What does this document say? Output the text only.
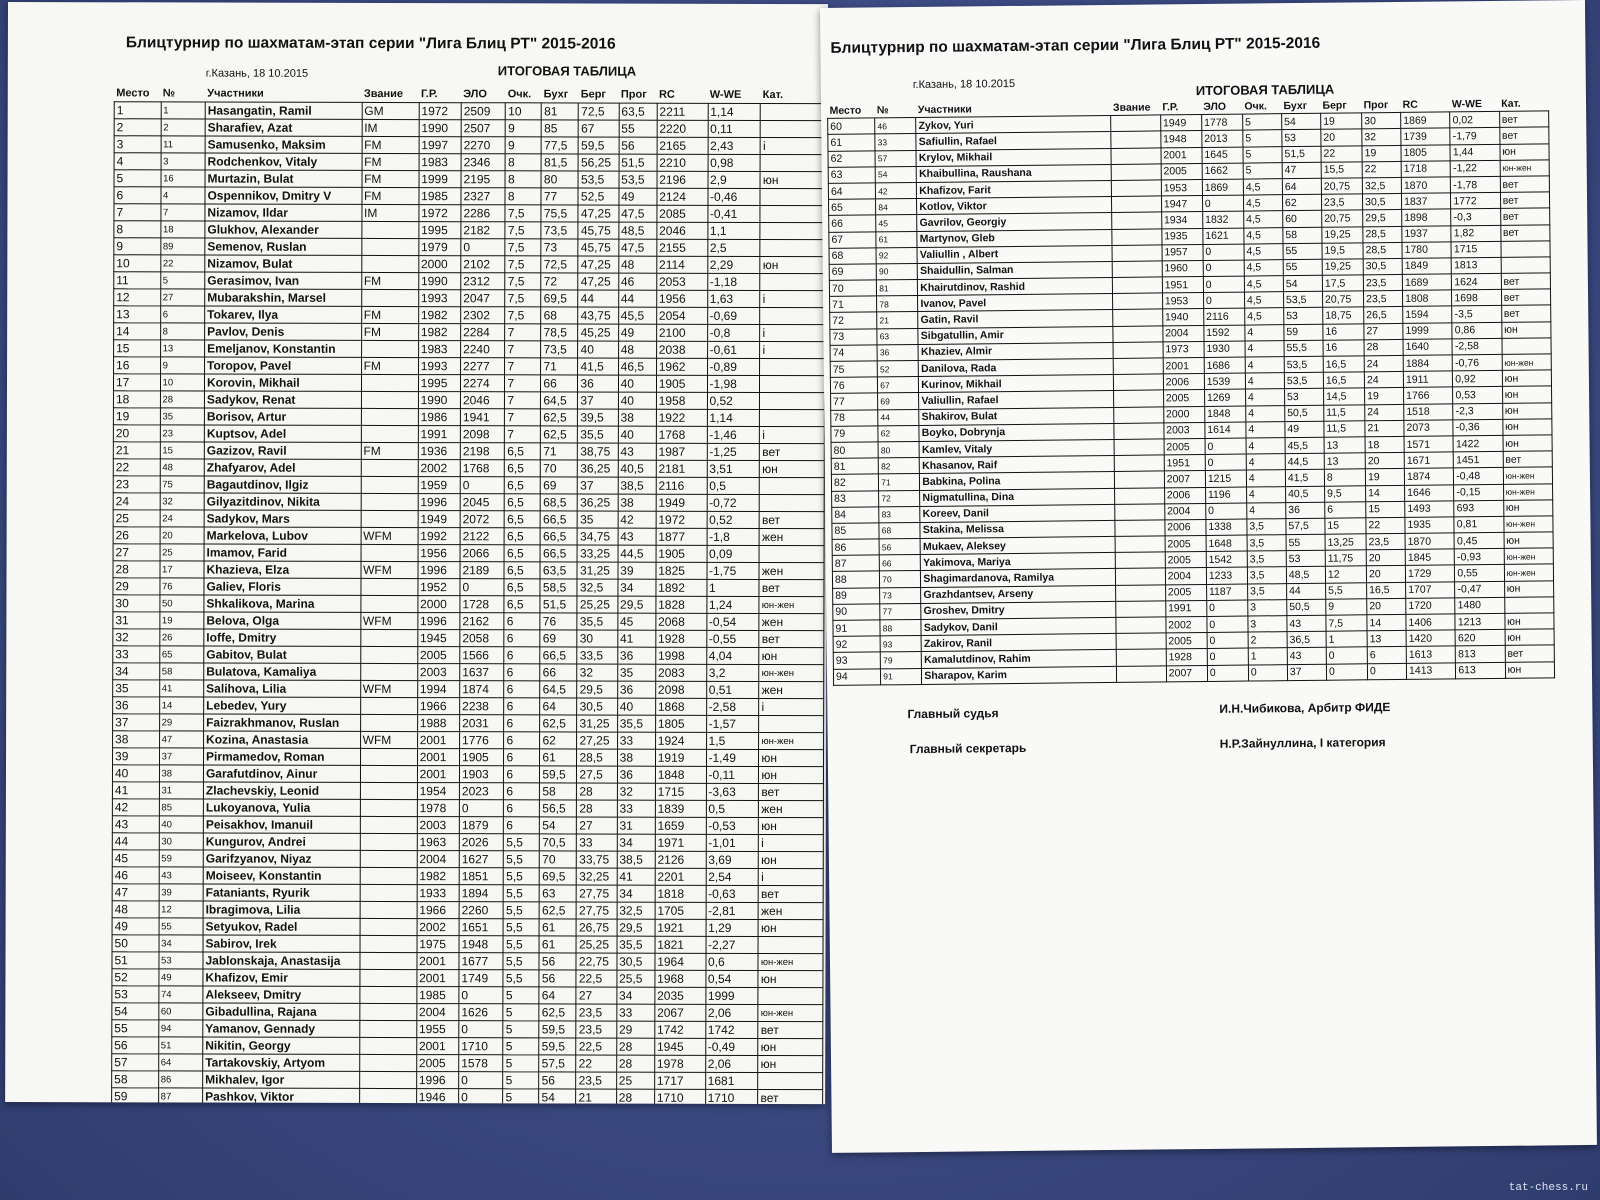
Блицтурнир по шахматам-этап серии "Лига Блиц РТ" 2015-2016
г.Казань, 18 10.2015	ИТОГОВАЯ ТАБЛИЦА
Место	№	Участники	Звание	Г.Р.	ЭЛО	Очк.	Бухг	Берг	Прог	RC	W-WE	Кат.
1	1	Hasangatin, Ramil	GM	1972	2509	10	81	72,5	63,5	2211	1,14	
2	2	Sharafiev, Azat	IM	1990	2507	9	85	67	55	2220	0,11	
3	11	Samusenko, Maksim	FM	1997	2270	9	77,5	59,5	56	2165	2,43	i
4	3	Rodchenkov, Vitaly	FM	1983	2346	8	81,5	56,25	51,5	2210	0,98	
5	16	Murtazin, Bulat	FM	1999	2195	8	80	53,5	53,5	2196	2,9	юн
6	4	Ospennikov, Dmitry V	FM	1985	2327	8	77	52,5	49	2124	-0,46	
7	7	Nizamov, Ildar	IM	1972	2286	7,5	75,5	47,25	47,5	2085	-0,41	
8	18	Glukhov, Alexander		1995	2182	7,5	73,5	45,75	48,5	2046	1,1	
9	89	Semenov, Ruslan		1979	0	7,5	73	45,75	47,5	2155	2,5	
10	22	Nizamov, Bulat		2000	2102	7,5	72,5	47,25	48	2114	2,29	юн
11	5	Gerasimov, Ivan	FM	1990	2312	7,5	72	47,25	46	2053	-1,18	
12	27	Mubarakshin, Marsel		1993	2047	7,5	69,5	44	44	1956	1,63	i
13	6	Tokarev, Ilya	FM	1982	2302	7,5	68	43,75	45,5	2054	-0,69	
14	8	Pavlov, Denis	FM	1982	2284	7	78,5	45,25	49	2100	-0,8	i
15	13	Emeljanov, Konstantin		1983	2240	7	73,5	40	48	2038	-0,61	i
16	9	Toropov, Pavel	FM	1993	2277	7	71	41,5	46,5	1962	-0,89	
17	10	Korovin, Mikhail		1995	2274	7	66	36	40	1905	-1,98	
18	28	Sadykov, Renat		1990	2046	7	64,5	37	40	1958	0,52	
19	35	Borisov, Artur		1986	1941	7	62,5	39,5	38	1922	1,14	
20	23	Kuptsov, Adel		1991	2098	7	62,5	35,5	40	1768	-1,46	i
21	15	Gazizov, Ravil	FM	1936	2198	6,5	71	38,75	43	1987	-1,25	вет
22	48	Zhafyarov, Adel		2002	1768	6,5	70	36,25	40,5	2181	3,51	юн
23	75	Bagautdinov, Ilgiz		1959	0	6,5	69	37	38,5	2116	0,5	
24	32	Gilyazitdinov, Nikita		1996	2045	6,5	68,5	36,25	38	1949	-0,72	
25	24	Sadykov, Mars		1949	2072	6,5	66,5	35	42	1972	0,52	вет
26	20	Markelova, Lubov	WFM	1992	2122	6,5	66,5	34,75	43	1877	-1,8	жен
27	25	Imamov, Farid		1956	2066	6,5	66,5	33,25	44,5	1905	0,09	
28	17	Khazieva, Elza	WFM	1996	2189	6,5	63,5	31,25	39	1825	-1,75	жен
29	76	Galiev, Floris		1952	0	6,5	58,5	32,5	34	1892	1	вет
30	50	Shkalikova, Marina		2000	1728	6,5	51,5	25,25	29,5	1828	1,24	юн-жен
31	19	Belova, Olga	WFM	1996	2162	6	76	35,5	45	2068	-0,54	жен
32	26	Ioffe, Dmitry		1945	2058	6	69	30	41	1928	-0,55	вет
33	65	Gabitov, Bulat		2005	1566	6	66,5	33,5	36	1998	4,04	юн
34	58	Bulatova, Kamaliya		2003	1637	6	66	32	35	2083	3,2	юн-жен
35	41	Salihova, Lilia	WFM	1994	1874	6	64,5	29,5	36	2098	0,51	жен
36	14	Lebedev, Yury		1966	2238	6	64	30,5	40	1868	-2,58	i
37	29	Faizrakhmanov, Ruslan		1988	2031	6	62,5	31,25	35,5	1805	-1,57	
38	47	Kozina, Anastasia	WFM	2001	1776	6	62	27,25	33	1924	1,5	юн-жен
39	37	Pirmamedov, Roman		2001	1905	6	61	28,5	38	1919	-1,49	юн
40	38	Garafutdinov, Ainur		2001	1903	6	59,5	27,5	36	1848	-0,11	юн
41	31	Zlachevskiy, Leonid		1954	2023	6	58	28	32	1715	-3,63	вет
42	85	Lukoyanova, Yulia		1978	0	6	56,5	28	33	1839	0,5	жен
43	40	Peisakhov, Imanuil		2003	1879	6	54	27	31	1659	-0,53	юн
44	30	Kungurov, Andrei		1963	2026	5,5	70,5	33	34	1971	-1,01	i
45	59	Garifzyanov, Niyaz		2004	1627	5,5	70	33,75	38,5	2126	3,69	юн
46	43	Moiseev, Konstantin		1982	1851	5,5	69,5	32,25	41	2201	2,54	i
47	39	Fataniants, Ryurik		1933	1894	5,5	63	27,75	34	1818	-0,63	вет
48	12	Ibragimova, Lilia		1966	2260	5,5	62,5	27,75	32,5	1705	-2,81	жен
49	55	Setyukov, Radel		2002	1651	5,5	61	26,75	29,5	1921	1,29	юн
50	34	Sabirov, Irek		1975	1948	5,5	61	25,25	35,5	1821	-2,27	
51	53	Jablonskaja, Anastasija		2001	1677	5,5	56	22,75	30,5	1964	0,6	юн-жен
52	49	Khafizov, Emir		2001	1749	5,5	56	22,5	25,5	1968	0,54	юн
53	74	Alekseev, Dmitry		1985	0	5	64	27	34	2035	1999	
54	60	Gibadullina, Rajana		2004	1626	5	62,5	23,5	33	2067	2,06	юн-жен
55	94	Yamanov, Gennady		1955	0	5	59,5	23,5	29	1742	1742	вет
56	51	Nikitin, Georgy		2001	1710	5	59,5	22,5	28	1945	-0,49	юн
57	64	Tartakovskiy, Artyom		2005	1578	5	57,5	22	28	1978	2,06	юн
58	86	Mikhalev, Igor		1996	0	5	56	23,5	25	1717	1681	
59	87	Pashkov, Viktor		1946	0	5	54	21	28	1710	1710	вет
Блицтурнир по шахматам-этап серии "Лига Блиц РТ" 2015-2016
г.Казань, 18 10.2015	ИТОГОВАЯ ТАБЛИЦА
Место	№	Участники	Звание	Г.Р.	ЭЛО	Очк.	Бухг	Берг	Прог	RC	W-WE	Кат.
60	46	Zykov, Yuri		1949	1778	5	54	19	30	1869	0,02	вет
61	33	Safiullin, Rafael		1948	2013	5	53	20	32	1739	-1,79	вет
62	57	Krylov, Mikhail		2001	1645	5	51,5	22	19	1805	1,44	юн
63	54	Khaibullina, Raushana		2005	1662	5	47	15,5	22	1718	-1,22	юн-жен
64	42	Khafizov, Farit		1953	1869	4,5	64	20,75	32,5	1870	-1,78	вет
65	84	Kotlov, Viktor		1947	0	4,5	62	23,5	30,5	1837	1772	вет
66	45	Gavrilov, Georgiy		1934	1832	4,5	60	20,75	29,5	1898	-0,3	вет
67	61	Martynov, Gleb		1935	1621	4,5	58	19,25	28,5	1937	1,82	вет
68	92	Valiullin , Albert		1957	0	4,5	55	19,5	28,5	1780	1715	
69	90	Shaidullin, Salman		1960	0	4,5	55	19,25	30,5	1849	1813	
70	81	Khairutdinov, Rashid		1951	0	4,5	54	17,5	23,5	1689	1624	вет
71	78	Ivanov, Pavel		1953	0	4,5	53,5	20,75	23,5	1808	1698	вет
72	21	Gatin, Ravil		1940	2116	4,5	53	18,75	26,5	1594	-3,5	вет
73	63	Sibgatullin, Amir		2004	1592	4	59	16	27	1999	0,86	юн
74	36	Khaziev, Almir		1973	1930	4	55,5	16	28	1640	-2,58	
75	52	Danilova, Rada		2001	1686	4	53,5	16,5	24	1884	-0,76	юн-жен
76	67	Kurinov, Mikhail		2006	1539	4	53,5	16,5	24	1911	0,92	юн
77	69	Valiullin, Rafael		2005	1269	4	53	14,5	19	1766	0,53	юн
78	44	Shakirov, Bulat		2000	1848	4	50,5	11,5	24	1518	-2,3	юн
79	62	Boyko, Dobrynja		2003	1614	4	49	11,5	21	2073	-0,36	юн
80	80	Kamlev, Vitaly		2005	0	4	45,5	13	18	1571	1422	юн
81	82	Khasanov, Raif		1951	0	4	44,5	13	20	1671	1451	вет
82	71	Babkina, Polina		2007	1215	4	41,5	8	19	1874	-0,48	юн-жен
83	72	Nigmatullina, Dina		2006	1196	4	40,5	9,5	14	1646	-0,15	юн-жен
84	83	Koreev, Danil		2004	0	4	36	6	15	1493	693	юн
85	68	Stakina, Melissa		2006	1338	3,5	57,5	15	22	1935	0,81	юн-жен
86	56	Mukaev, Aleksey		2005	1648	3,5	55	13,25	23,5	1870	0,45	юн
87	66	Yakimova, Mariya		2005	1542	3,5	53	11,75	20	1845	-0,93	юн-жен
88	70	Shagimardanova, Ramilya		2004	1233	3,5	48,5	12	20	1729	0,55	юн-жен
89	73	Grazhdantsev, Arseny		2005	1187	3,5	44	5,5	16,5	1707	-0,47	юн
90	77	Groshev, Dmitry		1991	0	3	50,5	9	20	1720	1480	
91	88	Sadykov, Danil		2002	0	3	43	7,5	14	1406	1213	юн
92	93	Zakirov, Ranil		2005	0	2	36,5	1	13	1420	620	юн
93	79	Kamalutdinov, Rahim		1928	0	1	43	0	6	1613	813	вет
94	91	Sharapov, Karim		2007	0	0	37	0	0	1413	613	юн
Главный судья	И.Н.Чибикова, Арбитр ФИДЕ
Главный секретарь	Н.Р.Зайнуллина, I категория
tat-chess.ru
